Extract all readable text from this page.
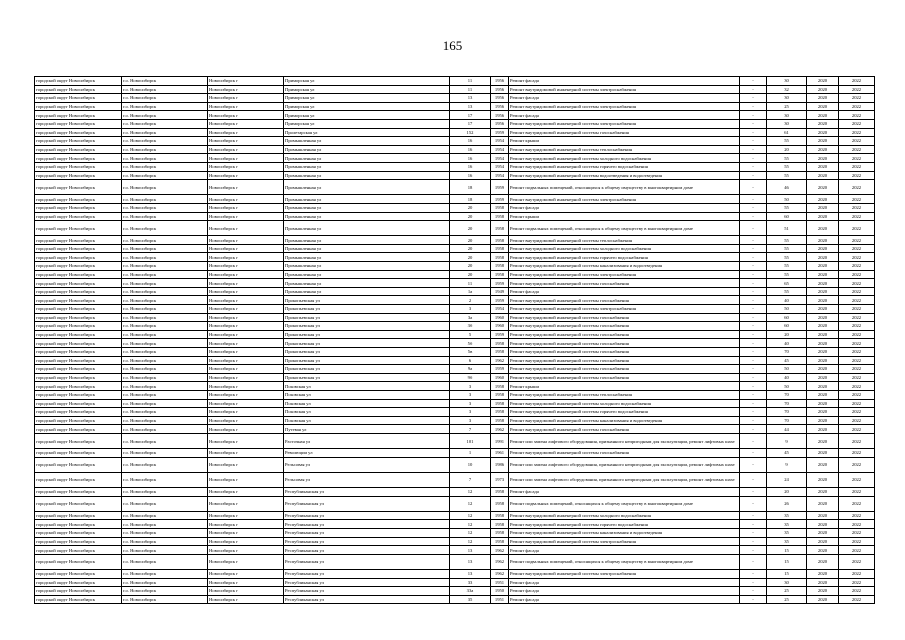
165
городской округ Новосибирск	г.о. Новосибирск	Новосибирск г	Приморская ул	11	1956	Ремонт фасада	-	30	2020	2022
городской округ Новосибирск	г.о. Новосибирск	Новосибирск г	Приморская ул	11	1956	Ремонт внутридомовой инженерной системы электроснабжения	-	32	2020	2022
городской округ Новосибирск	г.о. Новосибирск	Новосибирск г	Приморская ул	13	1956	Ремонт фасада	-	30	2020	2022
городской округ Новосибирск	г.о. Новосибирск	Новосибирск г	Приморская ул	13	1956	Ремонт внутридомовой инженерной системы электроснабжения	-	25	2020	2022
городской округ Новосибирск	г.о. Новосибирск	Новосибирск г	Приморская ул	17	1956	Ремонт фасада	-	30	2020	2022
городской округ Новосибирск	г.о. Новосибирск	Новосибирск г	Приморская ул	17	1956	Ремонт внутридомовой инженерной системы электроснабжения	-	30	2020	2022
городской округ Новосибирск	г.о. Новосибирск	Новосибирск г	Пролетарская ул	152	1959	Ремонт внутридомовой инженерной системы газоснабжения	-	61	2020	2022
городской округ Новосибирск	г.о. Новосибирск	Новосибирск г	Промышленная ул	16	1954	Ремонт крыши	-	55	2020	2022
городской округ Новосибирск	г.о. Новосибирск	Новосибирск г	Промышленная ул	16	1954	Ремонт внутридомовой инженерной системы теплоснабжения	-	20	2020	2022
городской округ Новосибирск	г.о. Новосибирск	Новосибирск г	Промышленная ул	16	1954	Ремонт внутридомовой инженерной системы холодного водоснабжения	-	55	2020	2022
городской округ Новосибирск	г.о. Новосибирск	Новосибирск г	Промышленная ул	16	1954	Ремонт внутридомовой инженерной системы горячего водоснабжения	-	55	2020	2022
городской округ Новосибирск	г.о. Новосибирск	Новосибирск г	Промышленная ул	16	1954	Ремонт внутридомовой инженерной системы водоотведения и водоотведения	-	55	2020	2022
городской округ Новосибирск	г.о. Новосибирск	Новосибирск г	Промышленная ул	18	1959	Ремонт подвальных помещений, относящихся к общему имуществу в многоквартирном доме	-	46	2020	2022
городской округ Новосибирск	г.о. Новосибирск	Новосибирск г	Промышленная ул	18	1959	Ремонт внутридомовой инженерной системы электроснабжения	-	50	2020	2022
городской округ Новосибирск	г.о. Новосибирск	Новосибирск г	Промышленная ул	20	1958	Ремонт фасада	-	55	2020	2022
городской округ Новосибирск	г.о. Новосибирск	Новосибирск г	Промышленная ул	20	1958	Ремонт крыши	-	60	2020	2022
городской округ Новосибирск	г.о. Новосибирск	Новосибирск г	Промышленная ул	20	1958	Ремонт подвальных помещений, относящихся к общему имуществу в многоквартирном доме	-	51	2020	2022
городской округ Новосибирск	г.о. Новосибирск	Новосибирск г	Промышленная ул	20	1958	Ремонт внутридомовой инженерной системы теплоснабжения	-	55	2020	2022
городской округ Новосибирск	г.о. Новосибирск	Новосибирск г	Промышленная ул	20	1958	Ремонт внутридомовой инженерной системы холодного водоснабжения	-	55	2020	2022
городской округ Новосибирск	г.о. Новосибирск	Новосибирск г	Промышленная ул	20	1958	Ремонт внутридомовой инженерной системы горячего водоснабжения	-	55	2020	2022
городской округ Новосибирск	г.о. Новосибирск	Новосибирск г	Промышленная ул	20	1958	Ремонт внутридомовой инженерной системы канализования и водоотведения	-	55	2020	2022
городской округ Новосибирск	г.о. Новосибирск	Новосибирск г	Промышленная ул	20	1958	Ремонт внутридомовой инженерной системы электроснабжения	-	55	2020	2022
городской округ Новосибирск	г.о. Новосибирск	Новосибирск г	Промышленная ул	11	1959	Ремонт внутридомовой инженерной системы газоснабжения	-	65	2020	2022
городской округ Новосибирск	г.о. Новосибирск	Новосибирск г	Промышленная ул	1а	1949	Ремонт фасада	-	55	2020	2022
городской округ Новосибирск	г.о. Новосибирск	Новосибирск г	Прокопьевская ул	2	1959	Ремонт внутридомовой инженерной системы газоснабжения	-	40	2020	2022
городской округ Новосибирск	г.о. Новосибирск	Новосибирск г	Прокопьевская ул	3	1954	Ремонт внутридомовой инженерной системы электроснабжения	-	50	2020	2022
городской округ Новосибирск	г.о. Новосибирск	Новосибирск г	Прокопьевская ул	3а	1960	Ремонт внутридомовой инженерной системы газоснабжения	-	60	2020	2022
городской округ Новосибирск	г.о. Новосибирск	Новосибирск г	Прокопьевская ул	3б	1960	Ремонт внутридомовой инженерной системы газоснабжения	-	60	2020	2022
городской округ Новосибирск	г.о. Новосибирск	Новосибирск г	Прокопьевская ул	5	1959	Ремонт внутридомовой инженерной системы газоснабжения	-	20	2020	2022
городской округ Новосибирск	г.о. Новосибирск	Новосибирск г	Прокопьевская ул	5б	1958	Ремонт внутридомовой инженерной системы газоснабжения	-	40	2020	2022
городской округ Новосибирск	г.о. Новосибирск	Новосибирск г	Прокопьевская ул	5в	1958	Ремонт внутридомовой инженерной системы газоснабжения	-	70	2020	2022
городской округ Новосибирск	г.о. Новосибирск	Новосибирск г	Прокопьевская ул	6	1962	Ремонт внутридомовой инженерной системы газоснабжения	-	45	2020	2022
городской округ Новосибирск	г.о. Новосибирск	Новосибирск г	Прокопьевская ул	9а	1959	Ремонт внутридомовой инженерной системы газоснабжения	-	50	2020	2022
городской округ Новосибирск	г.о. Новосибирск	Новосибирск г	Прокопьевская ул	9б	1960	Ремонт внутридомовой инженерной системы газоснабжения	-	40	2020	2022
городской округ Новосибирск	г.о. Новосибирск	Новосибирск г	Псковская ул	3	1958	Ремонт крыши	-	50	2020	2022
городской округ Новосибирск	г.о. Новосибирск	Новосибирск г	Псковская ул	3	1958	Ремонт внутридомовой инженерной системы теплоснабжения	-	70	2020	2022
городской округ Новосибирск	г.о. Новосибирск	Новосибирск г	Псковская ул	3	1958	Ремонт внутридомовой инженерной системы холодного водоснабжения	-	70	2020	2022
городской округ Новосибирск	г.о. Новосибирск	Новосибирск г	Псковская ул	3	1958	Ремонт внутридомовой инженерной системы горячего водоснабжения	-	70	2020	2022
городской округ Новосибирск	г.о. Новосибирск	Новосибирск г	Псковская ул	3	1958	Ремонт внутридомовой инженерной системы канализования и водоотведения	-	70	2020	2022
городской округ Новосибирск	г.о. Новосибирск	Новосибирск г	Путевая ул	7	1962	Ремонт внутридомовой инженерной системы газоснабжения	-	44	2020	2022
городской округ Новосибирск	г.о. Новосибирск	Новосибирск г	Расточная ул	101	1991	Ремонт или замена лифтового оборудования, признанного непригодным для эксплуатации, ремонт лифтовых шахт	-	9	2020	2022
городской округ Новосибирск	г.о. Новосибирск	Новосибирск г	Революции ул	1	1961	Ремонт внутридомовой инженерной системы газоснабжения	-	45	2020	2022
городской округ Новосибирск	г.о. Новосибирск	Новосибирск г	Рельсовая ул	10	1986	Ремонт или замена лифтового оборудования, признанного непригодным для эксплуатации, ремонт лифтовых шахт	-	9	2020	2022
городской округ Новосибирск	г.о. Новосибирск	Новосибирск г	Рельсовая ул	7	1973	Ремонт или замена лифтового оборудования, признанного непригодным для эксплуатации, ремонт лифтовых шахт	-	24	2020	2022
городской округ Новосибирск	г.о. Новосибирск	Новосибирск г	Республиканская ул	12	1958	Ремонт фасада	-	20	2020	2022
городской округ Новосибирск	г.о. Новосибирск	Новосибирск г	Республиканская ул	12	1958	Ремонт подвальных помещений, относящихся к общему имуществу в многоквартирном доме	-	26	2020	2022
городской округ Новосибирск	г.о. Новосибирск	Новосибирск г	Республиканская ул	12	1958	Ремонт внутридомовой инженерной системы холодного водоснабжения	-	35	2020	2022
городской округ Новосибирск	г.о. Новосибирск	Новосибирск г	Республиканская ул	12	1958	Ремонт внутридомовой инженерной системы горячего водоснабжения	-	35	2020	2022
городской округ Новосибирск	г.о. Новосибирск	Новосибирск г	Республиканская ул	12	1958	Ремонт внутридомовой инженерной системы канализования и водоотведения	-	35	2020	2022
городской округ Новосибирск	г.о. Новосибирск	Новосибирск г	Республиканская ул	12	1958	Ремонт внутридомовой инженерной системы электроснабжения	-	35	2020	2022
городской округ Новосибирск	г.о. Новосибирск	Новосибирск г	Республиканская ул	13	1962	Ремонт фасада	-	15	2020	2022
городской округ Новосибирск	г.о. Новосибирск	Новосибирск г	Республиканская ул	13	1962	Ремонт подвальных помещений, относящихся к общему имуществу в многоквартирном доме	-	15	2020	2022
городской округ Новосибирск	г.о. Новосибирск	Новосибирск г	Республиканская ул	13	1962	Ремонт внутридомовой инженерной системы электроснабжения	-	15	2020	2022
городской округ Новосибирск	г.о. Новосибирск	Новосибирск г	Республиканская ул	33	1951	Ремонт фасада	-	30	2020	2022
городской округ Новосибирск	г.о. Новосибирск	Новосибирск г	Республиканская ул	33а	1950	Ремонт фасада	-	25	2020	2022
городской округ Новосибирск	г.о. Новосибирск	Новосибирск г	Республиканская ул	35	1951	Ремонт фасада	-	25	2020	2022
